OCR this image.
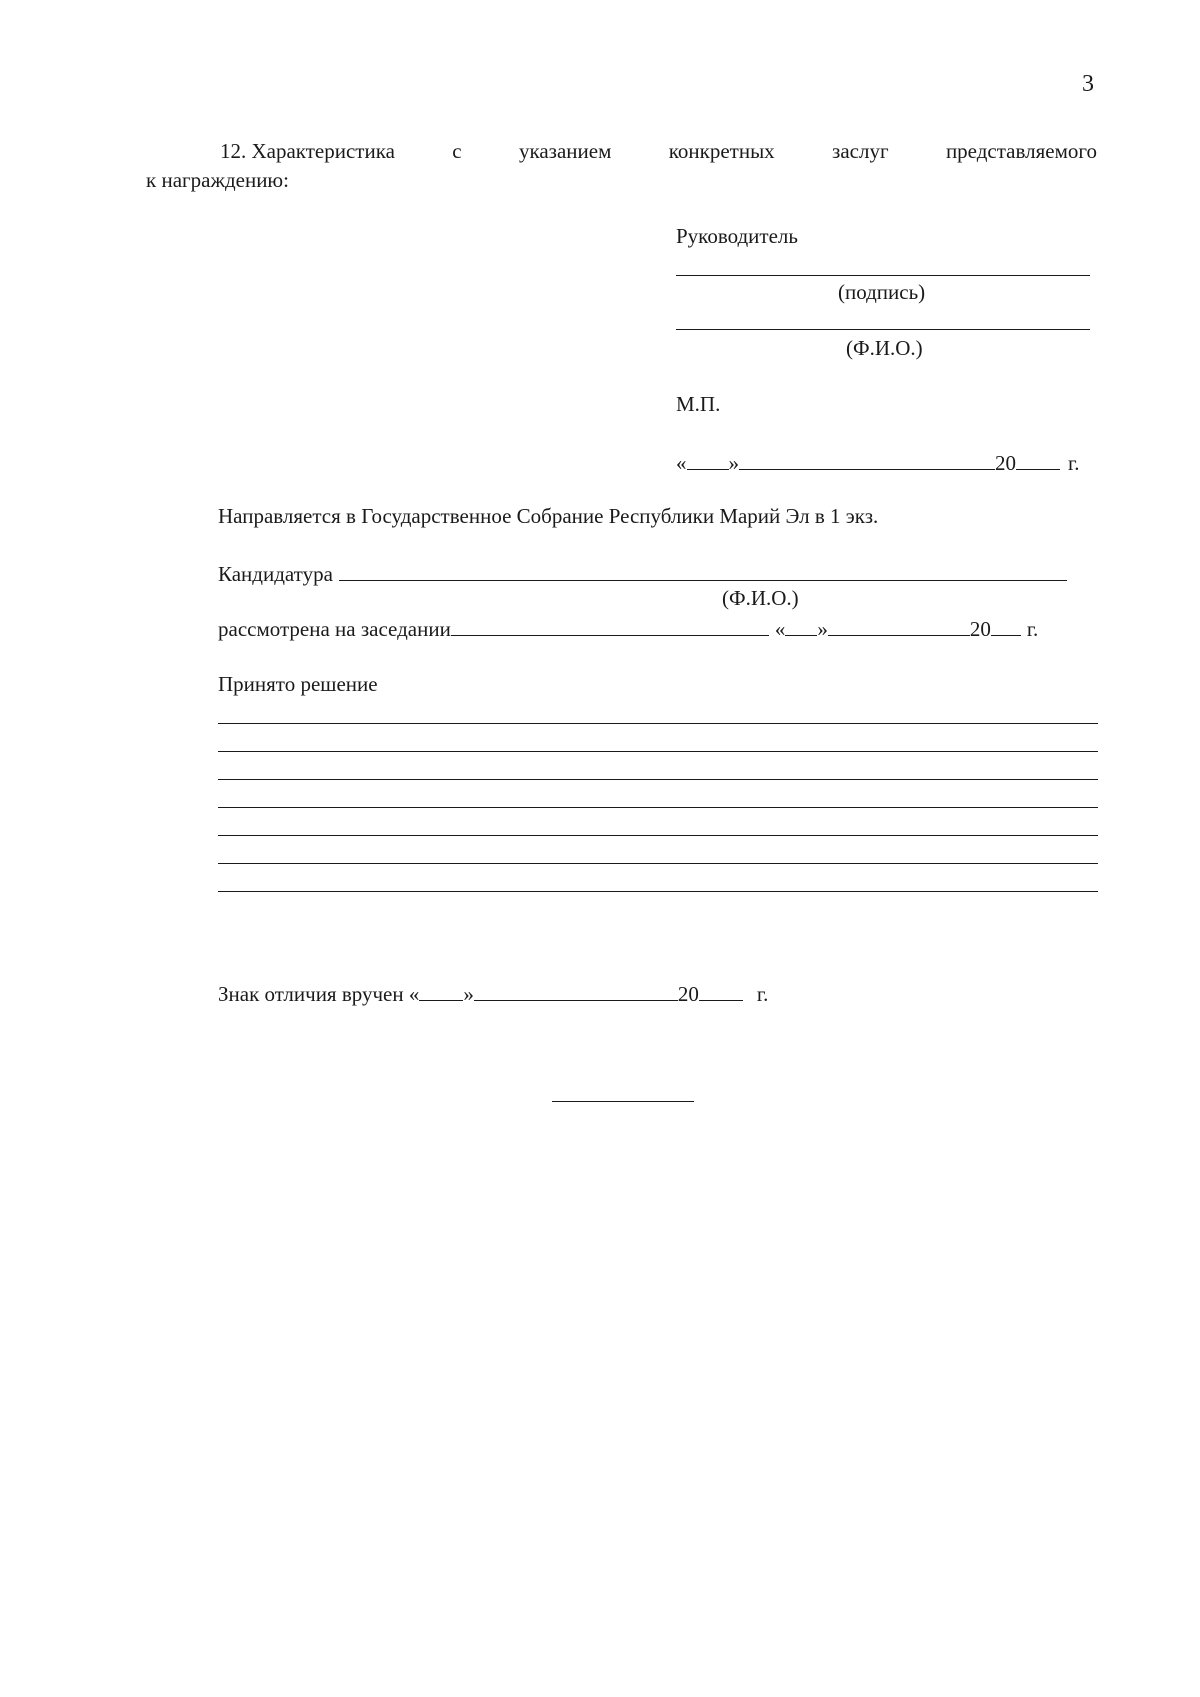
3
12. Характеристика	с	указанием	конкретных	заслуг	представляемого
к награждению:
Руководитель
(подпись)
(Ф.И.О.)
М.П.
« »	20 г.
Направляется в Государственное Собрание Республики Марий Эл в 1 экз.
Кандидатура
(Ф.И.О.)
рассмотрена на заседании	« »	20 г.
Принято решение
Знак отличия вручен « »	20	г.
